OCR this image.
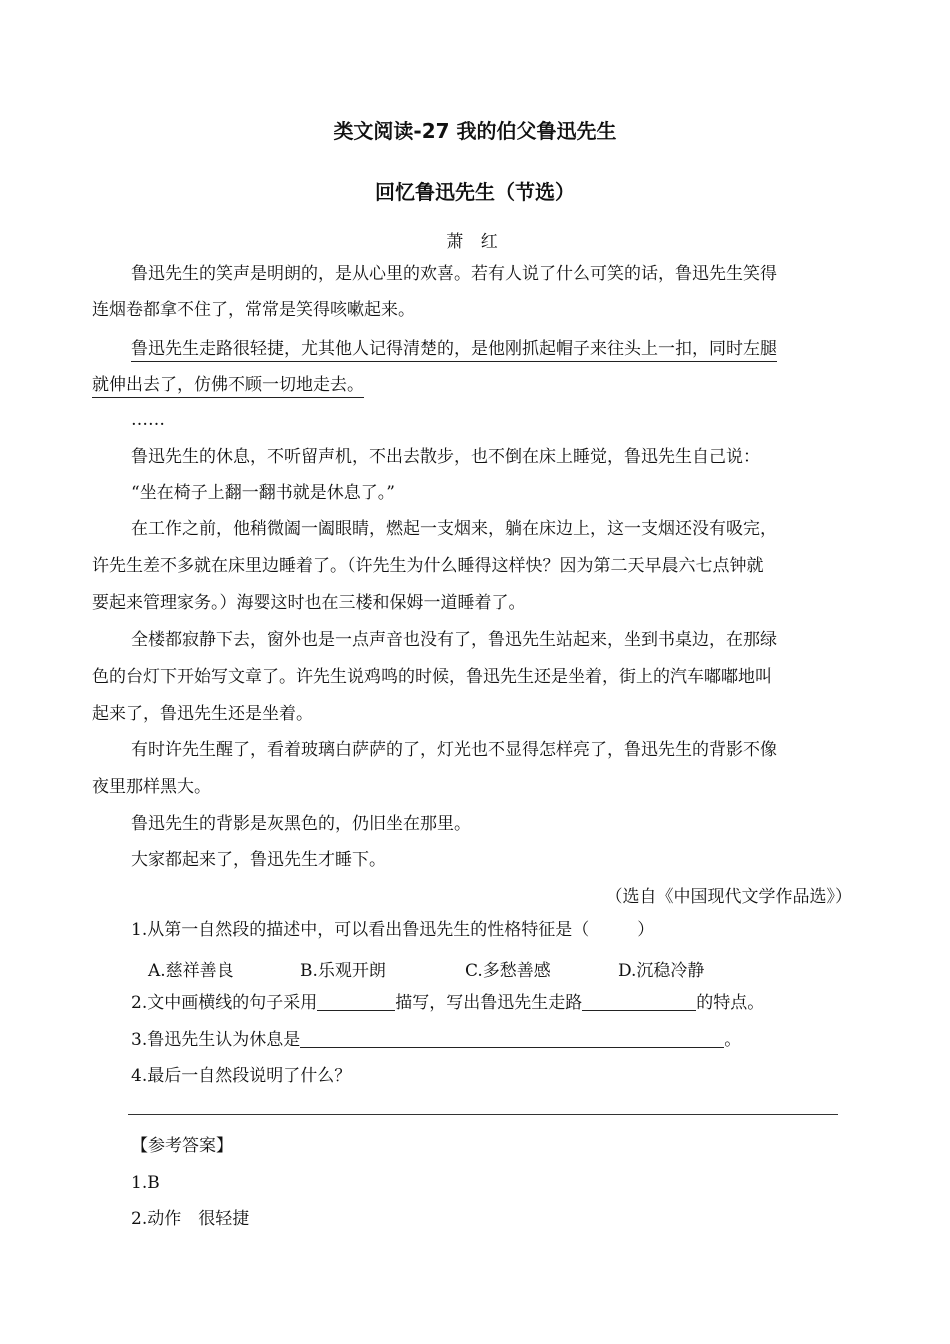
类文阅读-27 我的伯父鲁迅先生
回忆鲁迅先生（节选）
萧 红
鲁迅先生的笑声是明朗的，是从心里的欢喜。若有人说了什么可笑的话，鲁迅先生笑得
连烟卷都拿不住了，常常是笑得咳嗽起来。
鲁迅先生走路很轻捷，尤其他人记得清楚的，是他刚抓起帽子来往头上一扣，同时左腿
就伸出去了，仿佛不顾一切地走去。
……
鲁迅先生的休息，不听留声机，不出去散步，也不倒在床上睡觉，鲁迅先生自己说：
“坐在椅子上翻一翻书就是休息了。”
在工作之前，他稍微阖一阖眼睛，燃起一支烟来，躺在床边上，这一支烟还没有吸完，
许先生差不多就在床里边睡着了。（许先生为什么睡得这样快？因为第二天早晨六七点钟就
要起来管理家务。）海婴这时也在三楼和保姆一道睡着了。
全楼都寂静下去，窗外也是一点声音也没有了，鲁迅先生站起来，坐到书桌边，在那绿
色的台灯下开始写文章了。许先生说鸡鸣的时候，鲁迅先生还是坐着，街上的汽车嘟嘟地叫
起来了，鲁迅先生还是坐着。
有时许先生醒了，看着玻璃白萨萨的了，灯光也不显得怎样亮了，鲁迅先生的背影不像
夜里那样黑大。
鲁迅先生的背影是灰黑色的，仍旧坐在那里。
大家都起来了，鲁迅先生才睡下。
（选自《中国现代文学作品选》）
1.从第一自然段的描述中，可以看出鲁迅先生的性格特征是（	）
A.慈祥善良	B.乐观开朗	C.多愁善感	D.沉稳冷静
2.文中画横线的句子采用	描写，写出鲁迅先生走路	的特点。
3.鲁迅先生认为休息是	。
4.最后一自然段说明了什么？
【参考答案】
1.B
2.动作　很轻捷
